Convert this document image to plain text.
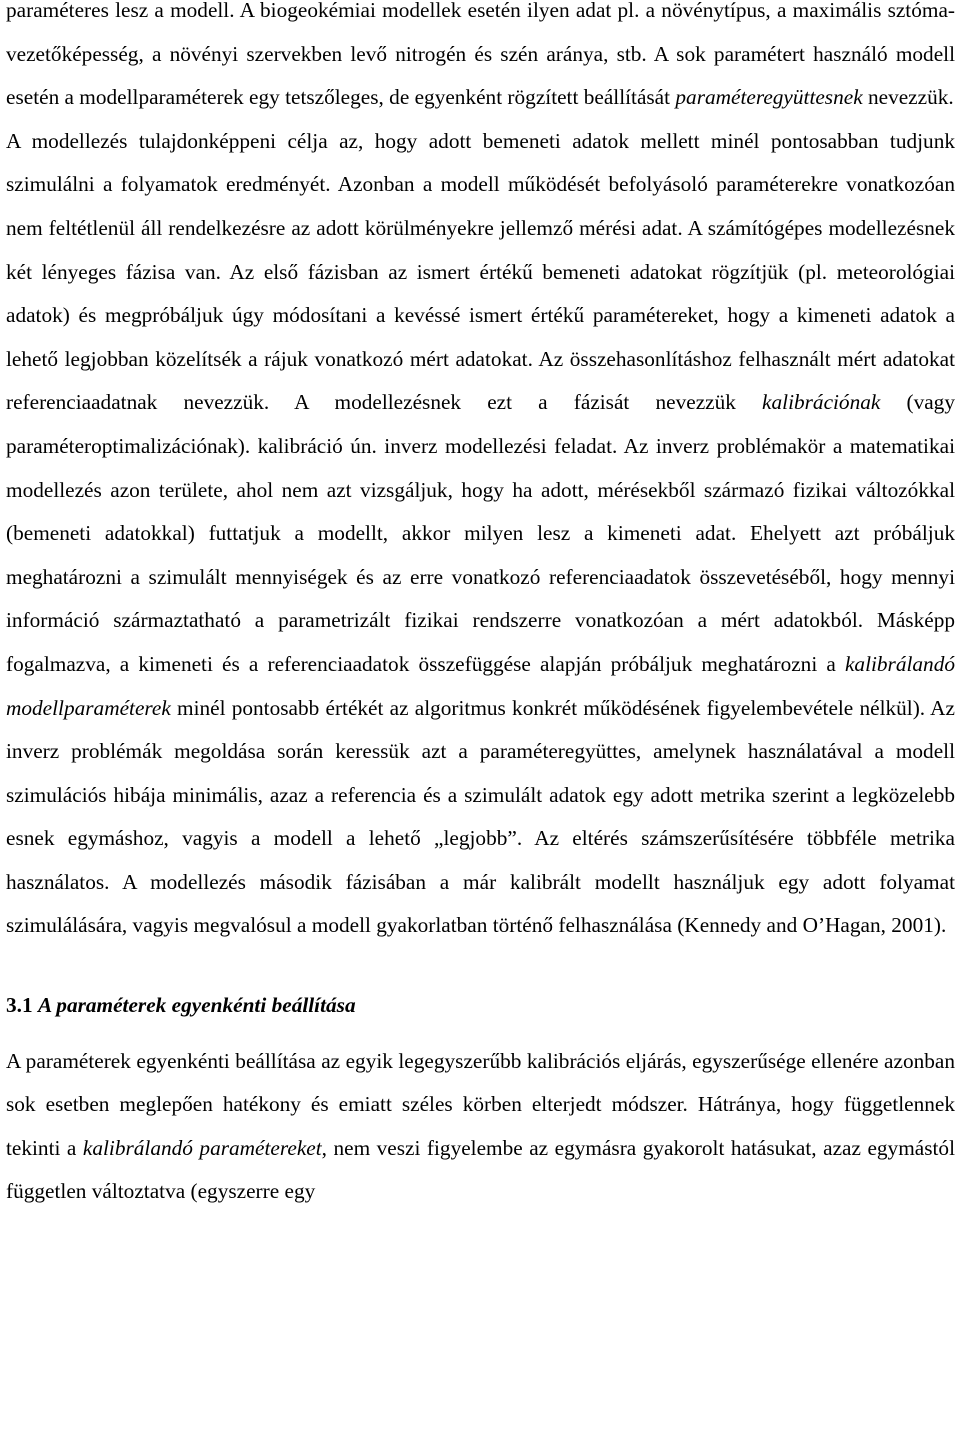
paraméteres lesz a modell. A biogeokémiai modellek esetén ilyen adat pl. a növénytípus, a maximális sztóma-vezetőképesség, a növényi szervekben levő nitrogén és szén aránya, stb. A sok paramétert használó modell esetén a modellparaméterek egy tetszőleges, de egyenként rögzített beállítását paraméteregyüttesnek nevezzük.

A modellezés tulajdonképpeni célja az, hogy adott bemeneti adatok mellett minél pontosabban tudjunk szimulálni a folyamatok eredményét. Azonban a modell működését befolyásoló paraméterekre vonatkozóan nem feltétlenül áll rendelkezésre az adott körülményekre jellemző mérési adat. A számítógépes modellezésnek két lényeges fázisa van. Az első fázisban az ismert értékű bemeneti adatokat rögzítjük (pl. meteorológiai adatok) és megpróbáljuk úgy módosítani a kevéssé ismert értékű paramétereket, hogy a kimeneti adatok a lehető legjobban közelítsék a rájuk vonatkozó mért adatokat. Az összehasonlításhoz felhasznált mért adatokat referenciaadatnak nevezzük. A modellezésnek ezt a fázisát nevezzük kalibrációnak (vagy paraméteroptimalizációnak). kalibráció ún. inverz modellezési feladat. Az inverz problémakör a matematikai modellezés azon területe, ahol nem azt vizsgáljuk, hogy ha adott, mérésekből származó fizikai változókkal (bemeneti adatokkal) futtatjuk a modellt, akkor milyen lesz a kimeneti adat. Ehelyett azt próbáljuk meghatározni a szimulált mennyiségek és az erre vonatkozó referenciaadatok összevetéséből, hogy mennyi információ származtatható a parametrizált fizikai rendszerre vonatkozóan a mért adatokból. Másképp fogalmazva, a kimeneti és a referenciaadatok összefüggése alapján próbáljuk meghatározni a kalibrálandó modellparaméterek minél pontosabb értékét az algoritmus konkrét működésének figyelembevétele nélkül). Az inverz problémák megoldása során keressük azt a paraméteregyüttes, amelynek használatával a modell szimulációs hibája minimális, azaz a referencia és a szimulált adatok egy adott metrika szerint a legközelebb esnek egymáshoz, vagyis a modell a lehető „legjobb”. Az eltérés számszerűsítésére többféle metrika használatos. A modellezés második fázisában a már kalibrált modellt használjuk egy adott folyamat szimulálására, vagyis megvalósul a modell gyakorlatban történő felhasználása (Kennedy and O’Hagan, 2001).

3.1 A paraméterek egyenkénti beállítása

A paraméterek egyenkénti beállítása az egyik legegyszerűbb kalibrációs eljárás, egyszerűsége ellenére azonban sok esetben meglepően hatékony és emiatt széles körben elterjedt módszer. Hátránya, hogy függetlennek tekinti a kalibrálandó paramétereket, nem veszi figyelembe az egymásra gyakorolt hatásukat, azaz egymástól független változtatva (egyszerre egy
